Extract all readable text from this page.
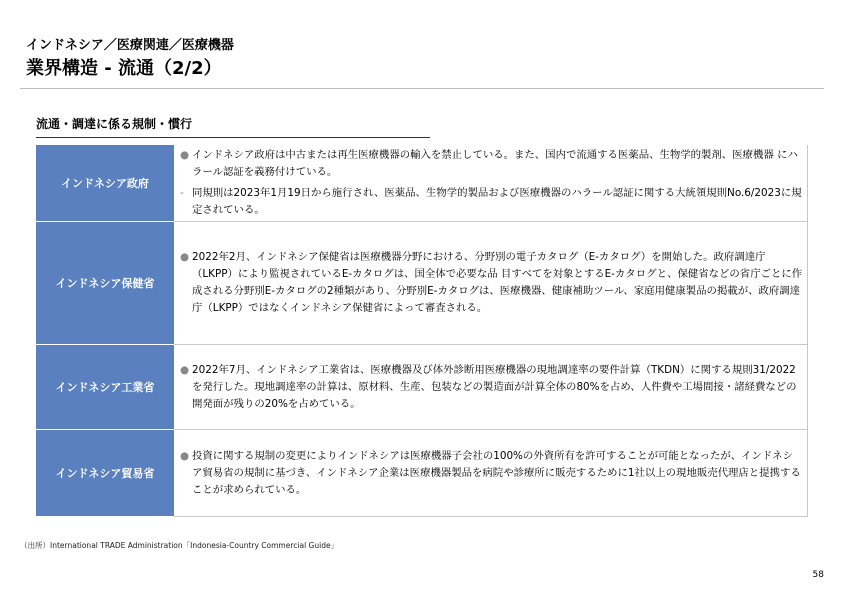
インドネシア／医療関連／医療機器
業界構造 - 流通（2/2）
流通・調達に係る規制・慣行
インドネシア政府
● インドネシア政府は中古または再生医療機器の輸入を禁止している。また、国内で流通する医薬品、生物学的製剤、医療機器 にハラール認証を義務付けている。
- 同規則は2023年1月19日から施行され、医薬品、生物学的製品および医療機器のハラール認証に関する大統領規則No.6/2023に規定されている。
インドネシア保健省
● 2022年2月、インドネシア保健省は医療機器分野における、分野別の電子カタログ（E-カタログ）を開始した。政府調達庁（LKPP）により監視されているE-カタログは、国全体で必要な品 目すべてを対象とするE-カタログと、保健省などの省庁ごとに作成される分野別E-カタログの2種類があり、分野別E-カタログは、医療機器、健康補助ツール、家庭用健康製品の掲載が、政府調達庁（LKPP）ではなくインドネシア保健省によって審査される。
インドネシア工業省
● 2022年7月、インドネシア工業省は、医療機器及び体外診断用医療機器の現地調達率の要件計算（TKDN）に関する規則31/2022を発行した。現地調達率の計算は、原材料、生産、包装などの製造面が計算全体の80%を占め、人件費や工場間接・諸経費などの開発面が残りの20%を占めている。
インドネシア貿易省
● 投資に関する規制の変更によりインドネシアは医療機器子会社の100%の外資所有を許可することが可能となったが、インドネシア貿易省の規制に基づき、インドネシア企業は医療機器製品を病院や診療所に販売するために1社以上の現地販売代理店と提携することが求められている。
（出所）International TRADE Administration「Indonesia-Country Commercial Guide」
58
